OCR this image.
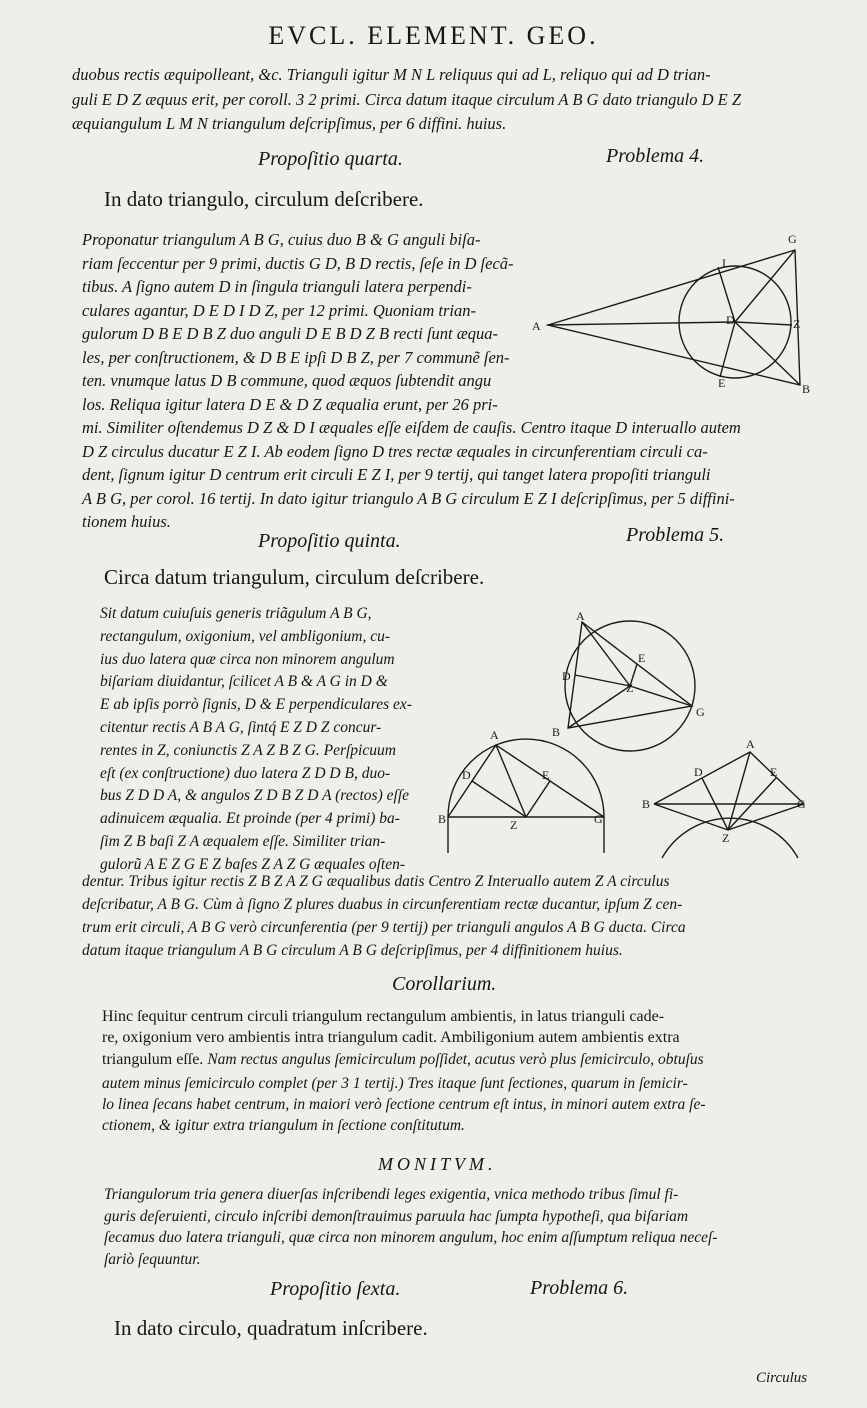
EVCL. ELEMENT. GEO.
duobus rectis æquipolleant, &c. Trianguli igitur M N L reliquus qui ad L, reliquo qui ad D trian-
guli E D Z æquus erit, per coroll. 3 2 primi. Circa datum itaque circulum A B G dato triangulo D E Z
æquiangulum L M N triangulum deſcripſimus, per 6 diffini. huius.
Propoſitio quarta.	Problema 4.
In dato triangulo, circulum deſcribere.
Proponatur triangulum A B G, cuius duo B & G anguli biſa-
riam ſeccentur per 9 primi, ductis G D, B D rectis, ſeſe in D ſecã-
tibus. A ſigno autem D in ſingula trianguli latera perpendi-
culares agantur, D E D I D Z, per 12 primi. Quoniam trian-
gulorum D B E D B Z duo anguli D E B D Z B recti ſunt æqua-
les, per conſtructionem, & D B E ipſi D B Z, per 7 communẽ ſen-
ten. vnumque latus D B commune, quod æquos ſubtendit angu
los. Reliqua igitur latera D E & D Z æqualia erunt, per 26 pri-
A
B
G
D
E
Z
I
mi. Similiter oſtendemus D Z & D I æquales eſſe eiſdem de cauſis. Centro itaque D interuallo autem
D Z circulus ducatur E Z I. Ab eodem ſigno D tres rectæ æquales in circunferentiam circuli ca-
dent, ſignum igitur D centrum erit circuli E Z I, per 9 tertij, qui tanget latera propoſiti trianguli
A B G, per corol. 16 tertij. In dato igitur triangulo A B G circulum E Z I deſcripſimus, per 5 diffini-
tionem huius.
Propoſitio quinta.	Problema 5.
Circa datum triangulum, circulum deſcribere.
Sit datum cuiuſuis generis triãgulum A B G,
rectangulum, oxigonium, vel ambligonium, cu-
ius duo latera quæ circa non minorem angulum
biſariam diuidantur, ſcilicet A B & A G in D &
E ab ipſis porrò ſignis, D & E perpendiculares ex-
citentur rectis A B A G, ſintq́ E Z D Z concur-
rentes in Z, coniunctis Z A Z B Z G. Perſpicuum
eſt (ex conſtructione) duo latera Z D D B, duo-
bus Z D D A, & angulos Z D B Z D A (rectos) eſſe
adinuicem æqualia. Et proinde (per 4 primi) ba-
ſim Z B baſi Z A æqualem eſſe. Similiter trian-
gulorũ A E Z G E Z baſes Z A Z G æquales oſten-
A
B
G
D
E
Z
A
B	G
D	E
Z
A
B	G
D	E
Z
dentur. Tribus igitur rectis Z B Z A Z G æqualibus datis Centro Z Interuallo autem Z A circulus
deſcribatur, A B G. Cùm à ſigno Z plures duabus in circunferentiam rectæ ducantur, ipſum Z cen-
trum erit circuli, A B G verò circunferentia (per 9 tertij) per trianguli angulos A B G ducta. Circa
datum itaque triangulum A B G circulum A B G deſcripſimus, per 4 diffinitionem huius.
Corollarium.
Hinc ſequitur centrum circuli triangulum rectangulum ambientis, in latus trianguli cade-
re, oxigonium vero ambientis intra triangulum cadit. Ambiligonium autem ambientis extra
triangulum eſſe. Nam rectus angulus ſemicirculum poſſidet, acutus verò plus ſemicirculo, obtuſus
autem minus ſemicirculo complet (per 3 1 tertij.) Tres itaque ſunt ſectiones, quarum in ſemicir-
lo linea ſecans habet centrum, in maiori verò ſectione centrum eſt intus, in minori autem extra ſe-
ctionem, & igitur extra triangulum in ſectione conſtitutum.
MONITVM.
Triangulorum tria genera diuerſas inſcribendi leges exigentia, vnica methodo tribus ſimul fi-
guris deſeruienti, circulo inſcribi demonſtrauimus paruula hac ſumpta hypotheſi, qua biſariam
ſecamus duo latera trianguli, quæ circa non minorem angulum, hoc enim aſſumptum reliqua neceſ-
ſariò ſequuntur.
Propoſitio ſexta.	Problema 6.
In dato circulo, quadratum inſcribere.
Circulus
